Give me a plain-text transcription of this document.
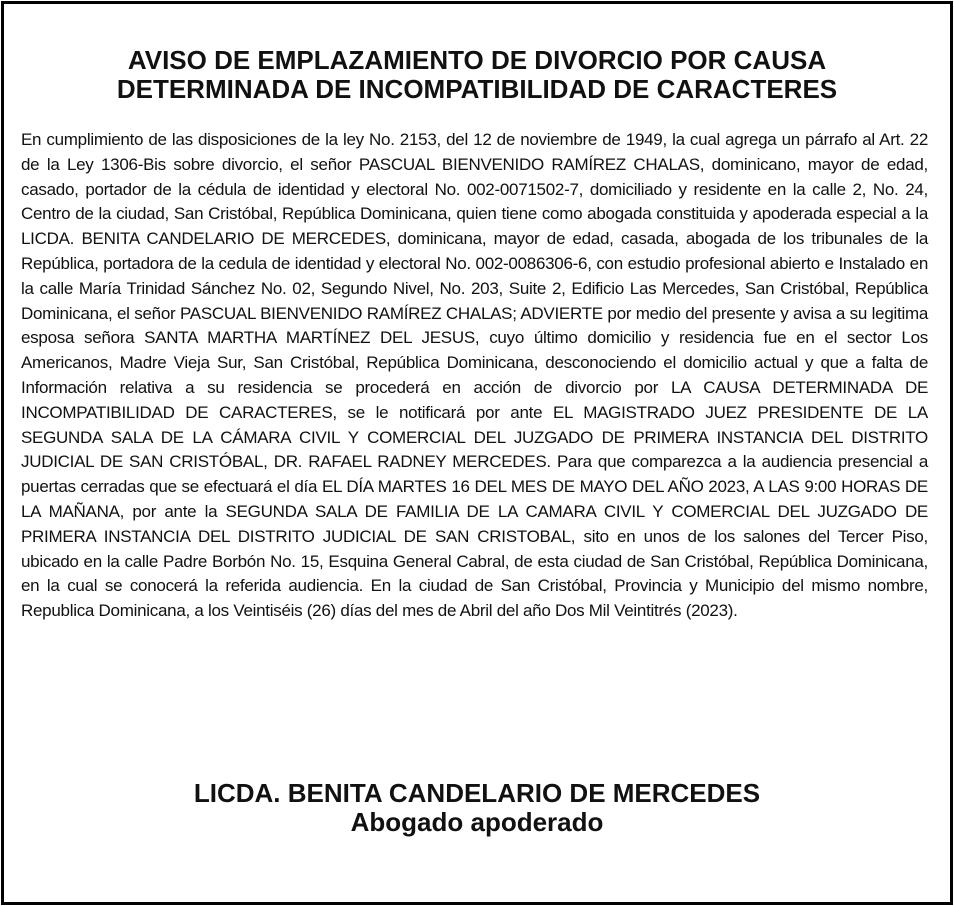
AVISO DE EMPLAZAMIENTO DE DIVORCIO POR CAUSA
DETERMINADA DE INCOMPATIBILIDAD DE CARACTERES

En cumplimiento de las disposiciones de la ley No. 2153, del 12 de noviembre de 1949, la cual agrega un párrafo al Art. 22 de la Ley 1306-Bis sobre divorcio, el señor PASCUAL BIENVENIDO RAMÍREZ CHALAS, dominicano, mayor de edad, casado, portador de la cédula de identidad y electoral No. 002-0071502-7, domiciliado y residente en la calle 2, No. 24, Centro de la ciudad, San Cristóbal, República Dominicana, quien tiene como abogada constituida y apoderada especial a la LICDA. BENITA CANDELARIO DE MERCEDES, dominicana, mayor de edad, casada, abogada de los tribunales de la República, portadora de la cedula de identidad y electoral No. 002-0086306-6, con estudio profesional abierto e Instalado en la calle María Trinidad Sánchez No. 02, Segundo Nivel, No. 203, Suite 2, Edificio Las Mercedes, San Cristóbal, República Dominicana, el señor PASCUAL BIENVENIDO RAMÍREZ CHALAS; ADVIERTE por medio del presente y avisa a su legitima esposa señora SANTA MARTHA MARTÍNEZ DEL JESUS, cuyo último domicilio y residencia fue en el sector Los Americanos, Madre Vieja Sur, San Cristóbal, República Dominicana, desconociendo el domicilio actual y que a falta de Información relativa a su residencia se procederá en acción de divorcio por LA CAUSA DETERMINADA DE INCOMPATIBILIDAD DE CARACTERES, se le notificará por ante EL MAGISTRADO JUEZ PRESIDENTE DE LA SEGUNDA SALA DE LA CÁMARA CIVIL Y COMERCIAL DEL JUZGADO DE PRIMERA INSTANCIA DEL DISTRITO JUDICIAL DE SAN CRISTÓBAL, DR. RAFAEL RADNEY MERCEDES. Para que comparezca a la audiencia presencial a puertas cerradas que se efectuará el día EL DÍA MARTES 16 DEL MES DE MAYO DEL AÑO 2023, A LAS 9:00 HORAS DE LA MAÑANA, por ante la SEGUNDA SALA DE FAMILIA DE LA CAMARA CIVIL Y COMERCIAL DEL JUZGADO DE PRIMERA INSTANCIA DEL DISTRITO JUDICIAL DE SAN CRISTOBAL, sito en unos de los salones del Tercer Piso, ubicado en la calle Padre Borbón No. 15, Esquina General Cabral, de esta ciudad de San Cristóbal, República Dominicana, en la cual se conocerá la referida audiencia. En la ciudad de San Cristóbal, Provincia y Municipio del mismo nombre, Republica Dominicana, a los Veintiséis (26) días del mes de Abril del año Dos Mil Veintitrés (2023).

LICDA. BENITA CANDELARIO DE MERCEDES
Abogado apoderado
